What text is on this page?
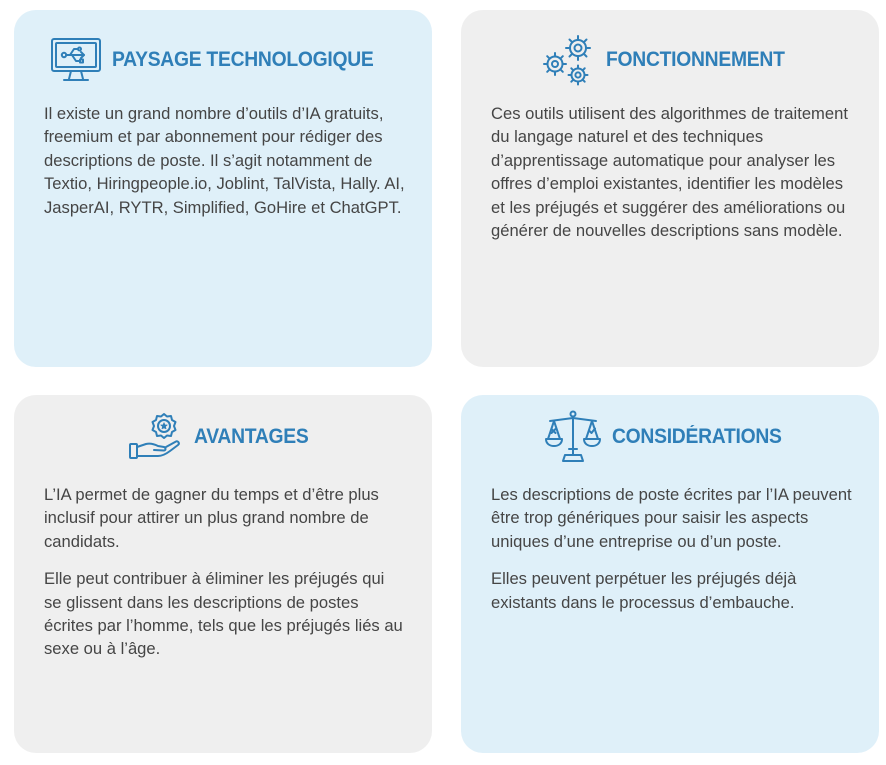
PAYSAGE TECHNOLOGIQUE

Il existe un grand nombre d’outils d’IA gratuits, freemium et par abonnement pour rédiger des descriptions de poste. Il s’agit notamment de Textio, Hiringpeople.io, Joblint, TalVista, Hally. AI, JasperAI, RYTR, Simplified, GoHire et ChatGPT.

FONCTIONNEMENT

Ces outils utilisent des algorithmes de traitement du langage naturel et des techniques d’apprentissage automatique pour analyser les offres d’emploi existantes, identifier les modèles et les préjugés et suggérer des améliorations ou générer de nouvelles descriptions sans modèle.

AVANTAGES

L’IA permet de gagner du temps et d’être plus inclusif pour attirer un plus grand nombre de candidats.

Elle peut contribuer à éliminer les préjugés qui se glissent dans les descriptions de postes écrites par l’homme, tels que les préjugés liés au sexe ou à l’âge.

CONSIDÉRATIONS

Les descriptions de poste écrites par l’IA peuvent être trop génériques pour saisir les aspects uniques d’une entreprise ou d’un poste.

Elles peuvent perpétuer les préjugés déjà existants dans le processus d’embauche.
